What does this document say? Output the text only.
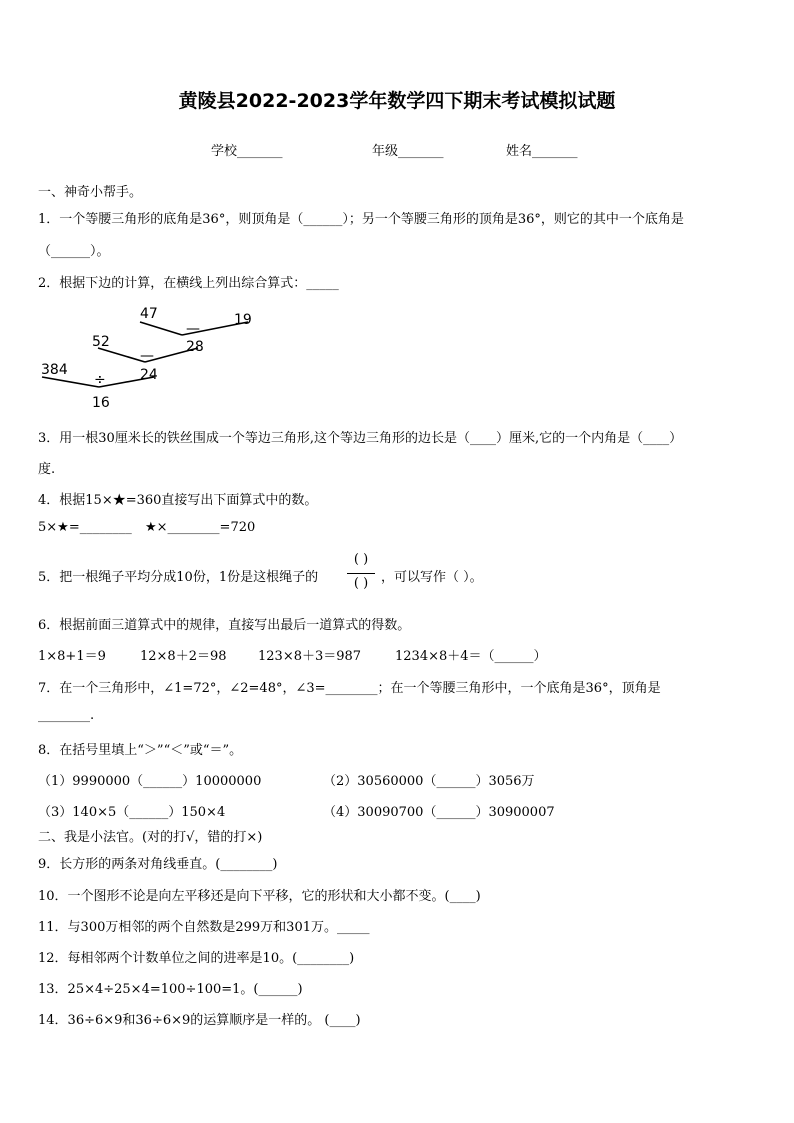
黄陵县2022-2023学年数学四下期末考试模拟试题
学校_______	年级_______	姓名_______
一、神奇小帮手。
1．一个等腰三角形的底角是36°，则顶角是（______）；另一个等腰三角形的顶角是36°，则它的其中一个底角是
（______）。
2．根据下边的计算，在横线上列出综合算式：_____
47	19
—
52	28
—
384	24
÷
16
3．用一根30厘米长的铁丝围成一个等边三角形,这个等边三角形的边长是（____）厘米,它的一个内角是（____）
度.
4．根据15×★=360直接写出下面算式中的数。
5×★=________ ★×________=720
5．把一根绳子平均分成10份，1份是这根绳子的
( )
( ) ，可以写作（ ）。
6．根据前面三道算式中的规律，直接写出最后一道算式的得数。
1×8+1＝9	12×8＋2＝98 123×8＋3＝987	1234×8＋4＝（______）
7．在一个三角形中，∠1=72°，∠2=48°，∠3=________；在一个等腰三角形中，一个底角是36°，顶角是
________.
8．在括号里填上“＞”“＜”或“＝”。
（1）9990000（______）10000000	（2）30560000（______）3056万
（3）140×5（______）150×4	（4）30090700（______）30900007
二、我是小法官。(对的打√，错的打×)
9．长方形的两条对角线垂直。(________)
10．一个图形不论是向左平移还是向下平移，它的形状和大小都不变。(____)
11．与300万相邻的两个自然数是299万和301万。_____
12．每相邻两个计数单位之间的进率是10。(________)
13．25×4÷25×4=100÷100=1。(______)
14．36÷6×9和36÷6×9的运算顺序是一样的。 (____)
